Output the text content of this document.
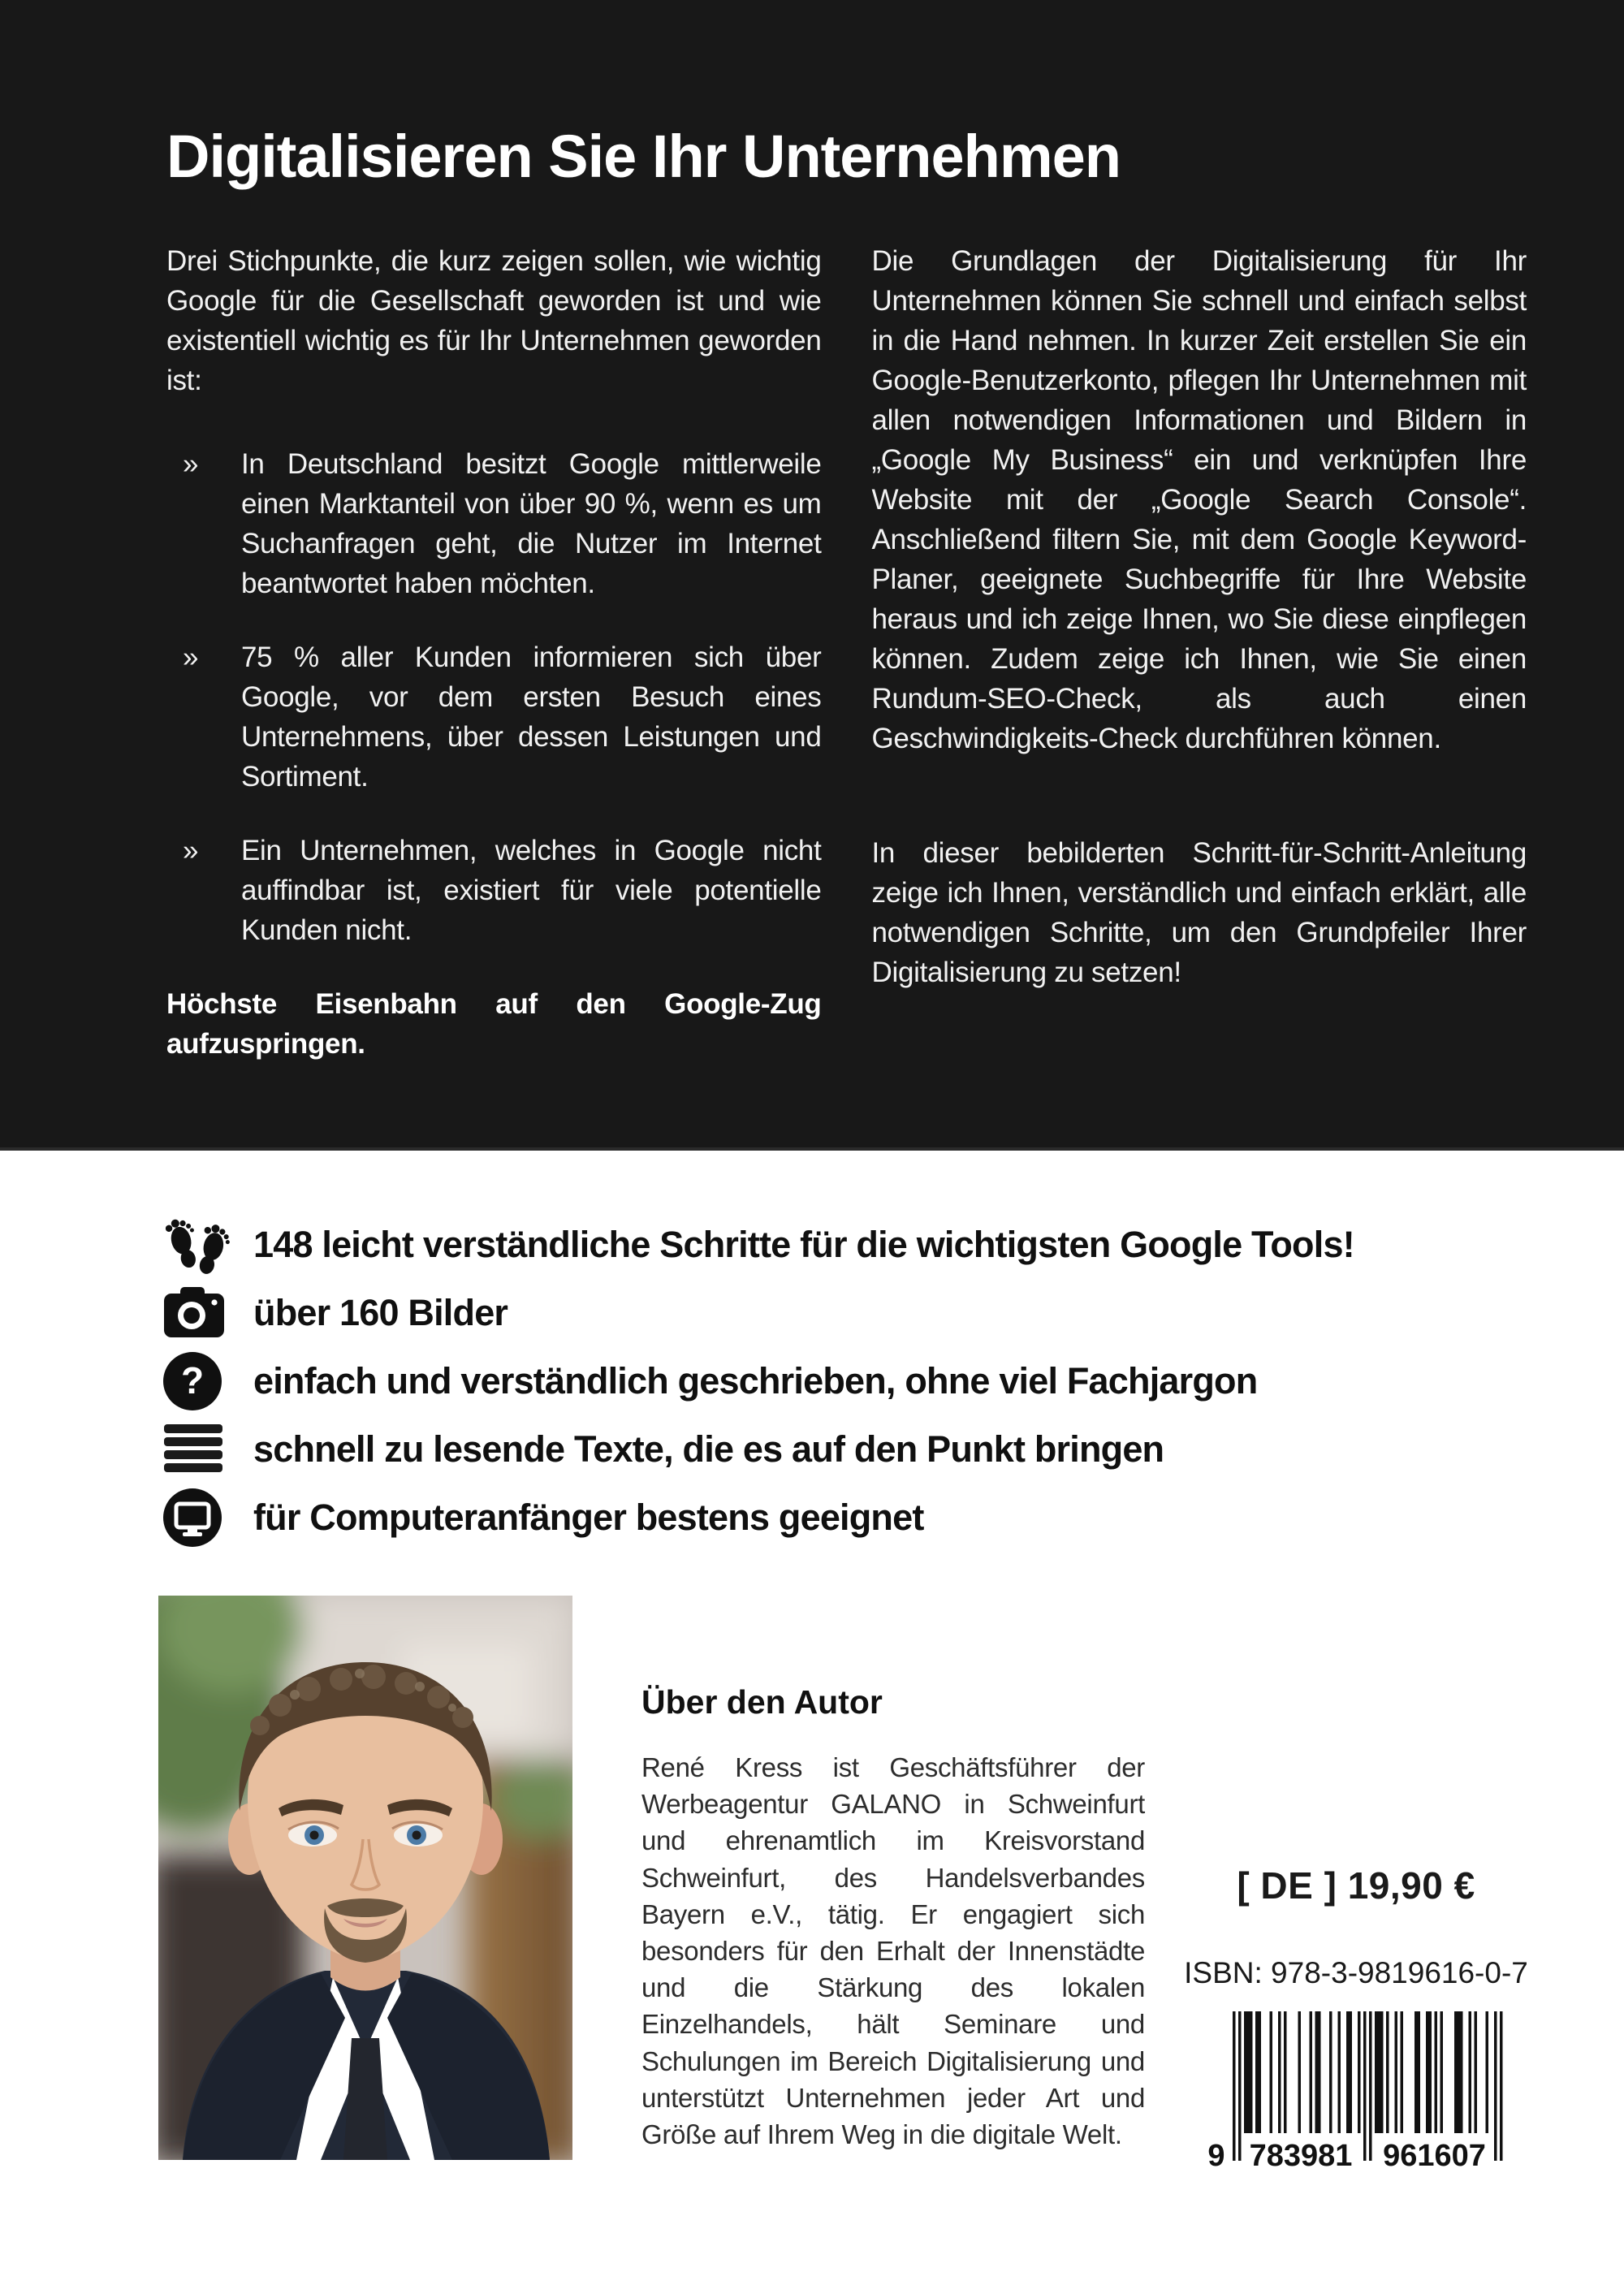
Digitalisieren Sie Ihr Unternehmen

Drei Stichpunkte, die kurz zeigen sollen, wie wichtig Google für die Gesellschaft geworden ist und wie existentiell wichtig es für Ihr Unternehmen geworden ist:

» In Deutschland besitzt Google mittlerweile einen Marktanteil von über 90 %, wenn es um Suchanfragen geht, die Nutzer im Internet beantwortet haben möchten.
» 75 % aller Kunden informieren sich über Google, vor dem ersten Besuch eines Unternehmens, über dessen Leistungen und Sortiment.
» Ein Unternehmen, welches in Google nicht auffindbar ist, existiert für viele potentielle Kunden nicht.

Höchste Eisenbahn auf den Google-Zug aufzuspringen.

Die Grundlagen der Digitalisierung für Ihr Unternehmen können Sie schnell und einfach selbst in die Hand nehmen. In kurzer Zeit erstellen Sie ein Google-Benutzerkonto, pflegen Ihr Unternehmen mit allen notwendigen Informationen und Bildern in „Google My Business“ ein und verknüpfen Ihre Website mit der „Google Search Console“. Anschließend filtern Sie, mit dem Google Keyword-Planer, geeignete Suchbegriffe für Ihre Website heraus und ich zeige Ihnen, wo Sie diese einpflegen können. Zudem zeige ich Ihnen, wie Sie einen Rundum-SEO-Check, als auch einen Geschwindigkeits-Check durchführen können.

In dieser bebilderten Schritt-für-Schritt-Anleitung zeige ich Ihnen, verständlich und einfach erklärt, alle notwendigen Schritte, um den Grundpfeiler Ihrer Digitalisierung zu setzen!

148 leicht verständliche Schritte für die wichtigsten Google Tools!
über 160 Bilder
? einfach und verständlich geschrieben, ohne viel Fachjargon
schnell zu lesende Texte, die es auf den Punkt bringen
für Computeranfänger bestens geeignet
Über den Autor

René Kress ist Geschäftsführer der Werbeagentur GALANO in Schweinfurt und ehrenamtlich im Kreisvorstand Schweinfurt, des Handelsverbandes Bayern e.V., tätig. Er engagiert sich besonders für den Erhalt der Innenstädte und die Stärkung des lokalen Einzelhandels, hält Seminare und Schulungen im Bereich Digitalisierung und unterstützt Unternehmen jeder Art und Größe auf Ihrem Weg in die digitale Welt.

[ DE ] 19,90 €
ISBN: 978-3-9819616-0-7
9 783981 961607
